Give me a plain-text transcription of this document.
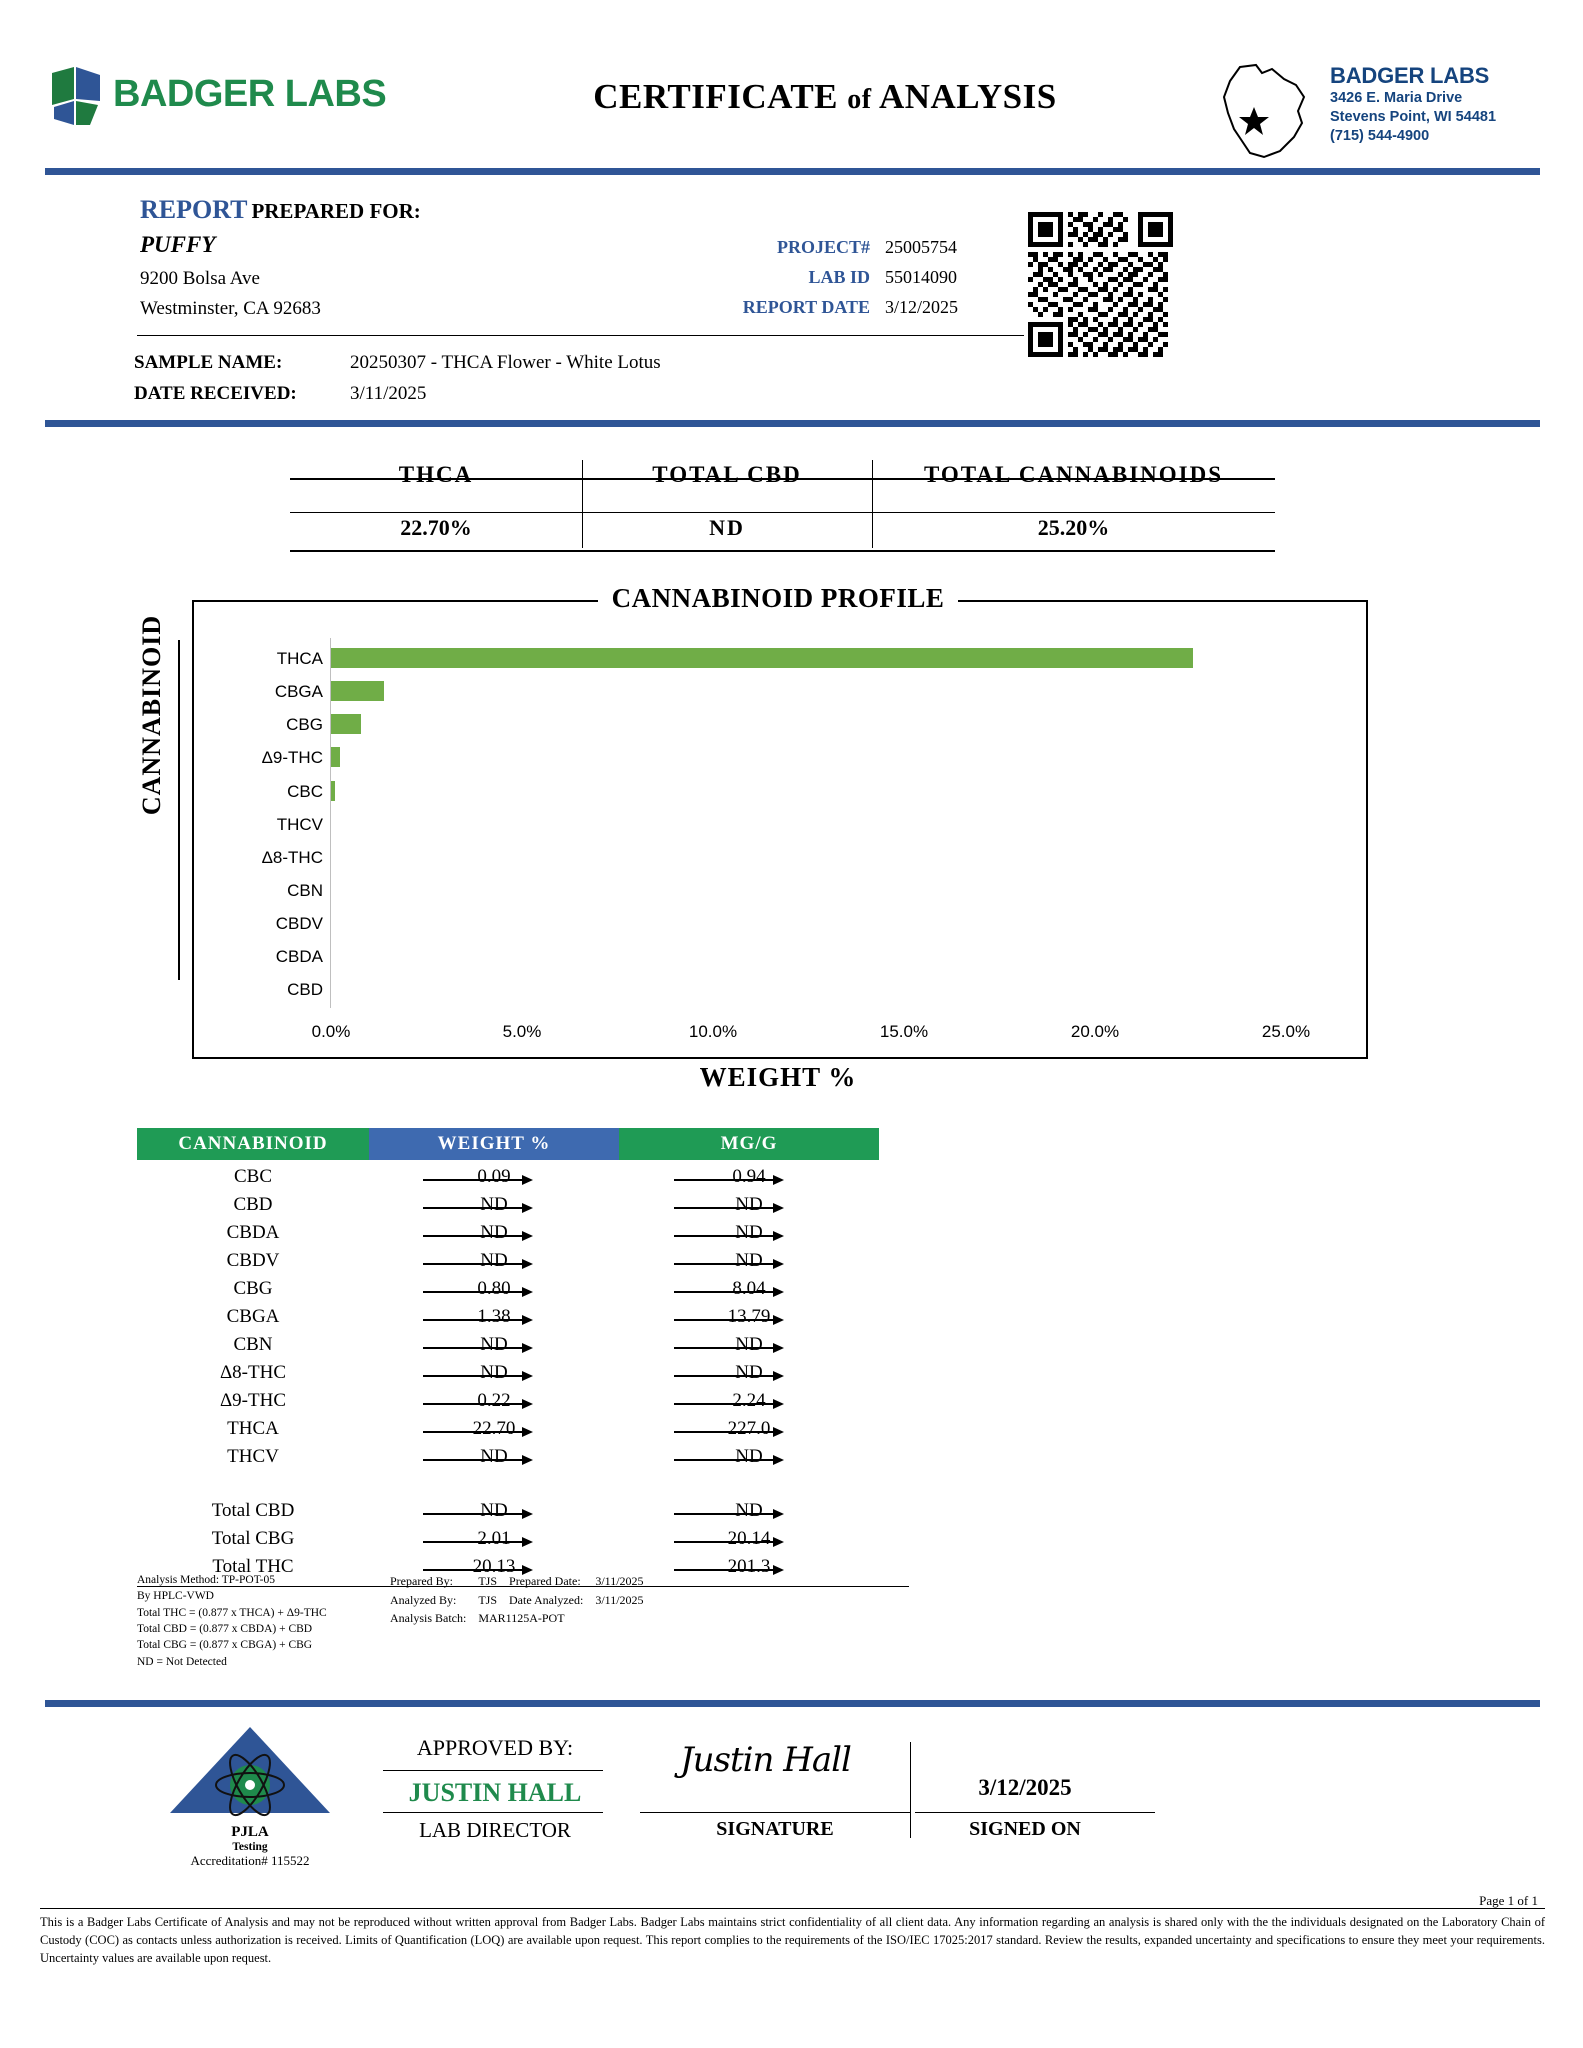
BADGER LABS	CERTIFICATE of ANALYSIS
BADGER LABS
3426 E. Maria Drive
Stevens Point, WI 54481
(715) 544-4900
REPORT PREPARED FOR:
PUFFY
9200 Bolsa Ave
Westminster, CA 92683
PROJECT# 25005754
LAB ID 55014090
REPORT DATE 3/12/2025
SAMPLE NAME:	20250307 - THCA Flower - White Lotus
DATE RECEIVED:	3/11/2025
THCA	TOTAL CBD	TOTAL CANNABINOIDS
22.70%	ND	25.20%
CANNABINOID PROFILE
CANNABINOID
WEIGHT %
THCA
CBGA
CBG
Δ9-THC
CBC
THCV
Δ8-THC
CBN
CBDV
CBDA
CBD
0.0%	5.0%	10.0%	15.0%	20.0%	25.0%
CANNABINOID	WEIGHT %	MG/G
CBC	0.09	0.94
CBD	ND	ND
CBDA	ND	ND
CBDV	ND	ND
CBG	0.80	8.04
CBGA	1.38	13.79
CBN	ND	ND
Δ8-THC	ND	ND
Δ9-THC	0.22	2.24
THCA	22.70	227.0
THCV	ND	ND
Total CBD	ND	ND
Total CBG	2.01	20.14
Total THC	20.13	201.3
Analysis Method: TP-POT-05
By HPLC-VWD
Total THC = (0.877 x THCA) + Δ9-THC
Total CBD = (0.877 x CBDA) + CBD
Total CBG = (0.877 x CBGA) + CBG
ND = Not Detected
Prepared By:	TJS	Prepared Date:	3/11/2025
Analyzed By:	TJS	Date Analyzed:	3/11/2025
Analysis Batch:	MAR1125A-POT		
PJLA
Testing
Accreditation# 115522
APPROVED BY:
JUSTIN HALL
LAB DIRECTOR
Justin Hall
SIGNATURE
3/12/2025
SIGNED ON
Page 1 of 1
This is a Badger Labs Certificate of Analysis and may not be reproduced without written approval from Badger Labs. Badger Labs maintains strict confidentiality of all client data. Any information regarding an analysis is shared only with the the individuals designated on the Laboratory Chain of Custody (COC) as contacts unless authorization is received. Limits of Quantification (LOQ) are available upon request. This report complies to the requirements of the ISO/IEC 17025:2017 standard. Review the results, expanded uncertainty and specifications to ensure they meet your requirements. Uncertainty values are available upon request.
